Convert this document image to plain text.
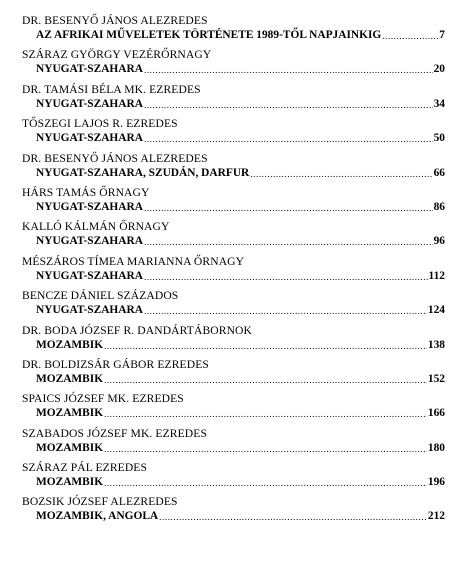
DR. BESENYŐ JÁNOS ALEZREDES
AZ AFRIKAI MŰVELETEK TÖRTÉNETE 1989-TŐL NAPJAINKIG .....	7
SZÁRAZ GYÖRGY VEZÉRŐRNAGY
NYUGAT-SZAHARA .....	20
DR. TAMÁSI BÉLA MK. EZREDES
NYUGAT-SZAHARA .....	34
TŐSZEGI LAJOS R. EZREDES
NYUGAT-SZAHARA .....	50
DR. BESENYŐ JÁNOS ALEZREDES
NYUGAT-SZAHARA, SZUDÁN, DARFUR .....	66
HÁRS TAMÁS ŐRNAGY
NYUGAT-SZAHARA .....	86
KALLÓ KÁLMÁN ŐRNAGY
NYUGAT-SZAHARA .....	96
MÉSZÁROS TÍMEA MARIANNA ŐRNAGY
NYUGAT-SZAHARA .....	112
BENCZE DÁNIEL SZÁZADOS
NYUGAT-SZAHARA .....	124
DR. BODA JÓZSEF R. DANDÁRTÁBORNOK
MOZAMBIK .....	138
DR. BOLDIZSÁR GÁBOR EZREDES
MOZAMBIK .....	152
SPAICS JÓZSEF MK. EZREDES
MOZAMBIK .....	166
SZABADOS JÓZSEF MK. EZREDES
MOZAMBIK .....	180
SZÁRAZ PÁL EZREDES
MOZAMBIK .....	196
BOZSIK JÓZSEF ALEZREDES
MOZAMBIK, ANGOLA .....	212
